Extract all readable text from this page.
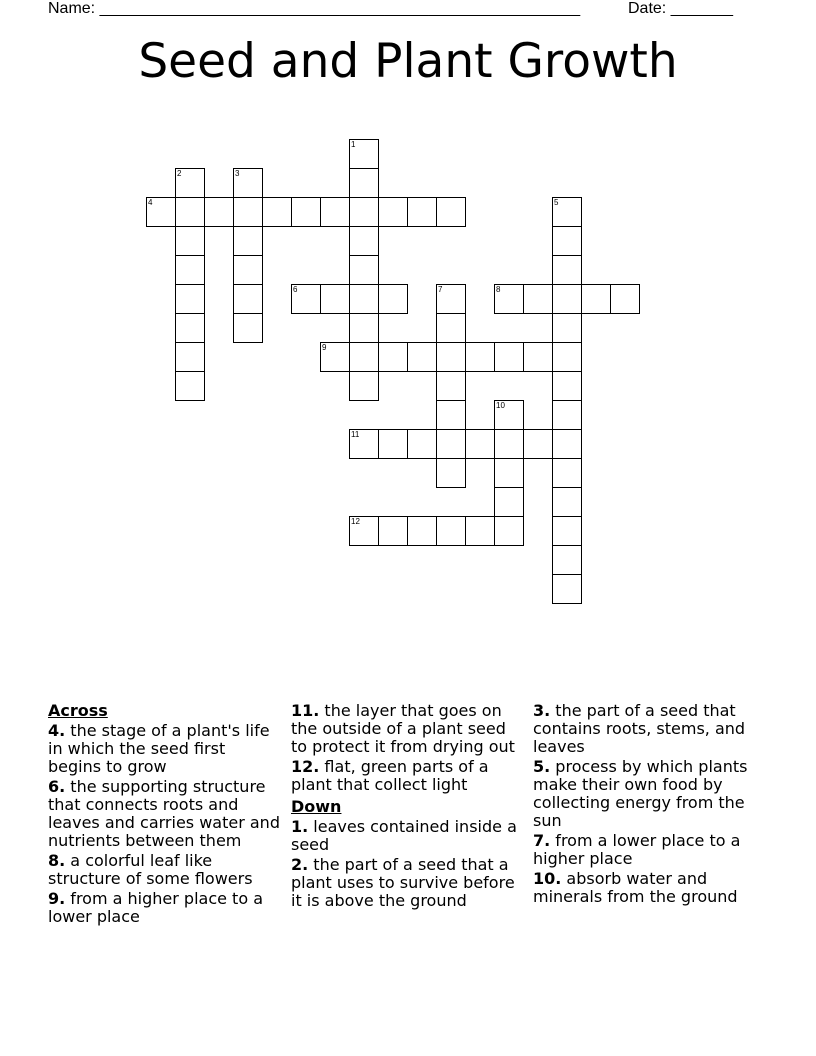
Name: ______________________________________________________	Date: _______
Seed and Plant Growth
1
2	3
4	5
6	7	8
9
10
11
12
Across
4. the stage of a plant's life in which the seed first begins to grow
6. the supporting structure that connects roots and leaves and carries water and nutrients between them
8. a colorful leaf like structure of some flowers
9. from a higher place to a lower place
11. the layer that goes on the outside of a plant seed to protect it from drying out
12. flat, green parts of a plant that collect light
Down
1. leaves contained inside a seed
2. the part of a seed that a plant uses to survive before it is above the ground
3. the part of a seed that contains roots, stems, and leaves
5. process by which plants make their own food by collecting energy from the sun
7. from a lower place to a higher place
10. absorb water and minerals from the ground
